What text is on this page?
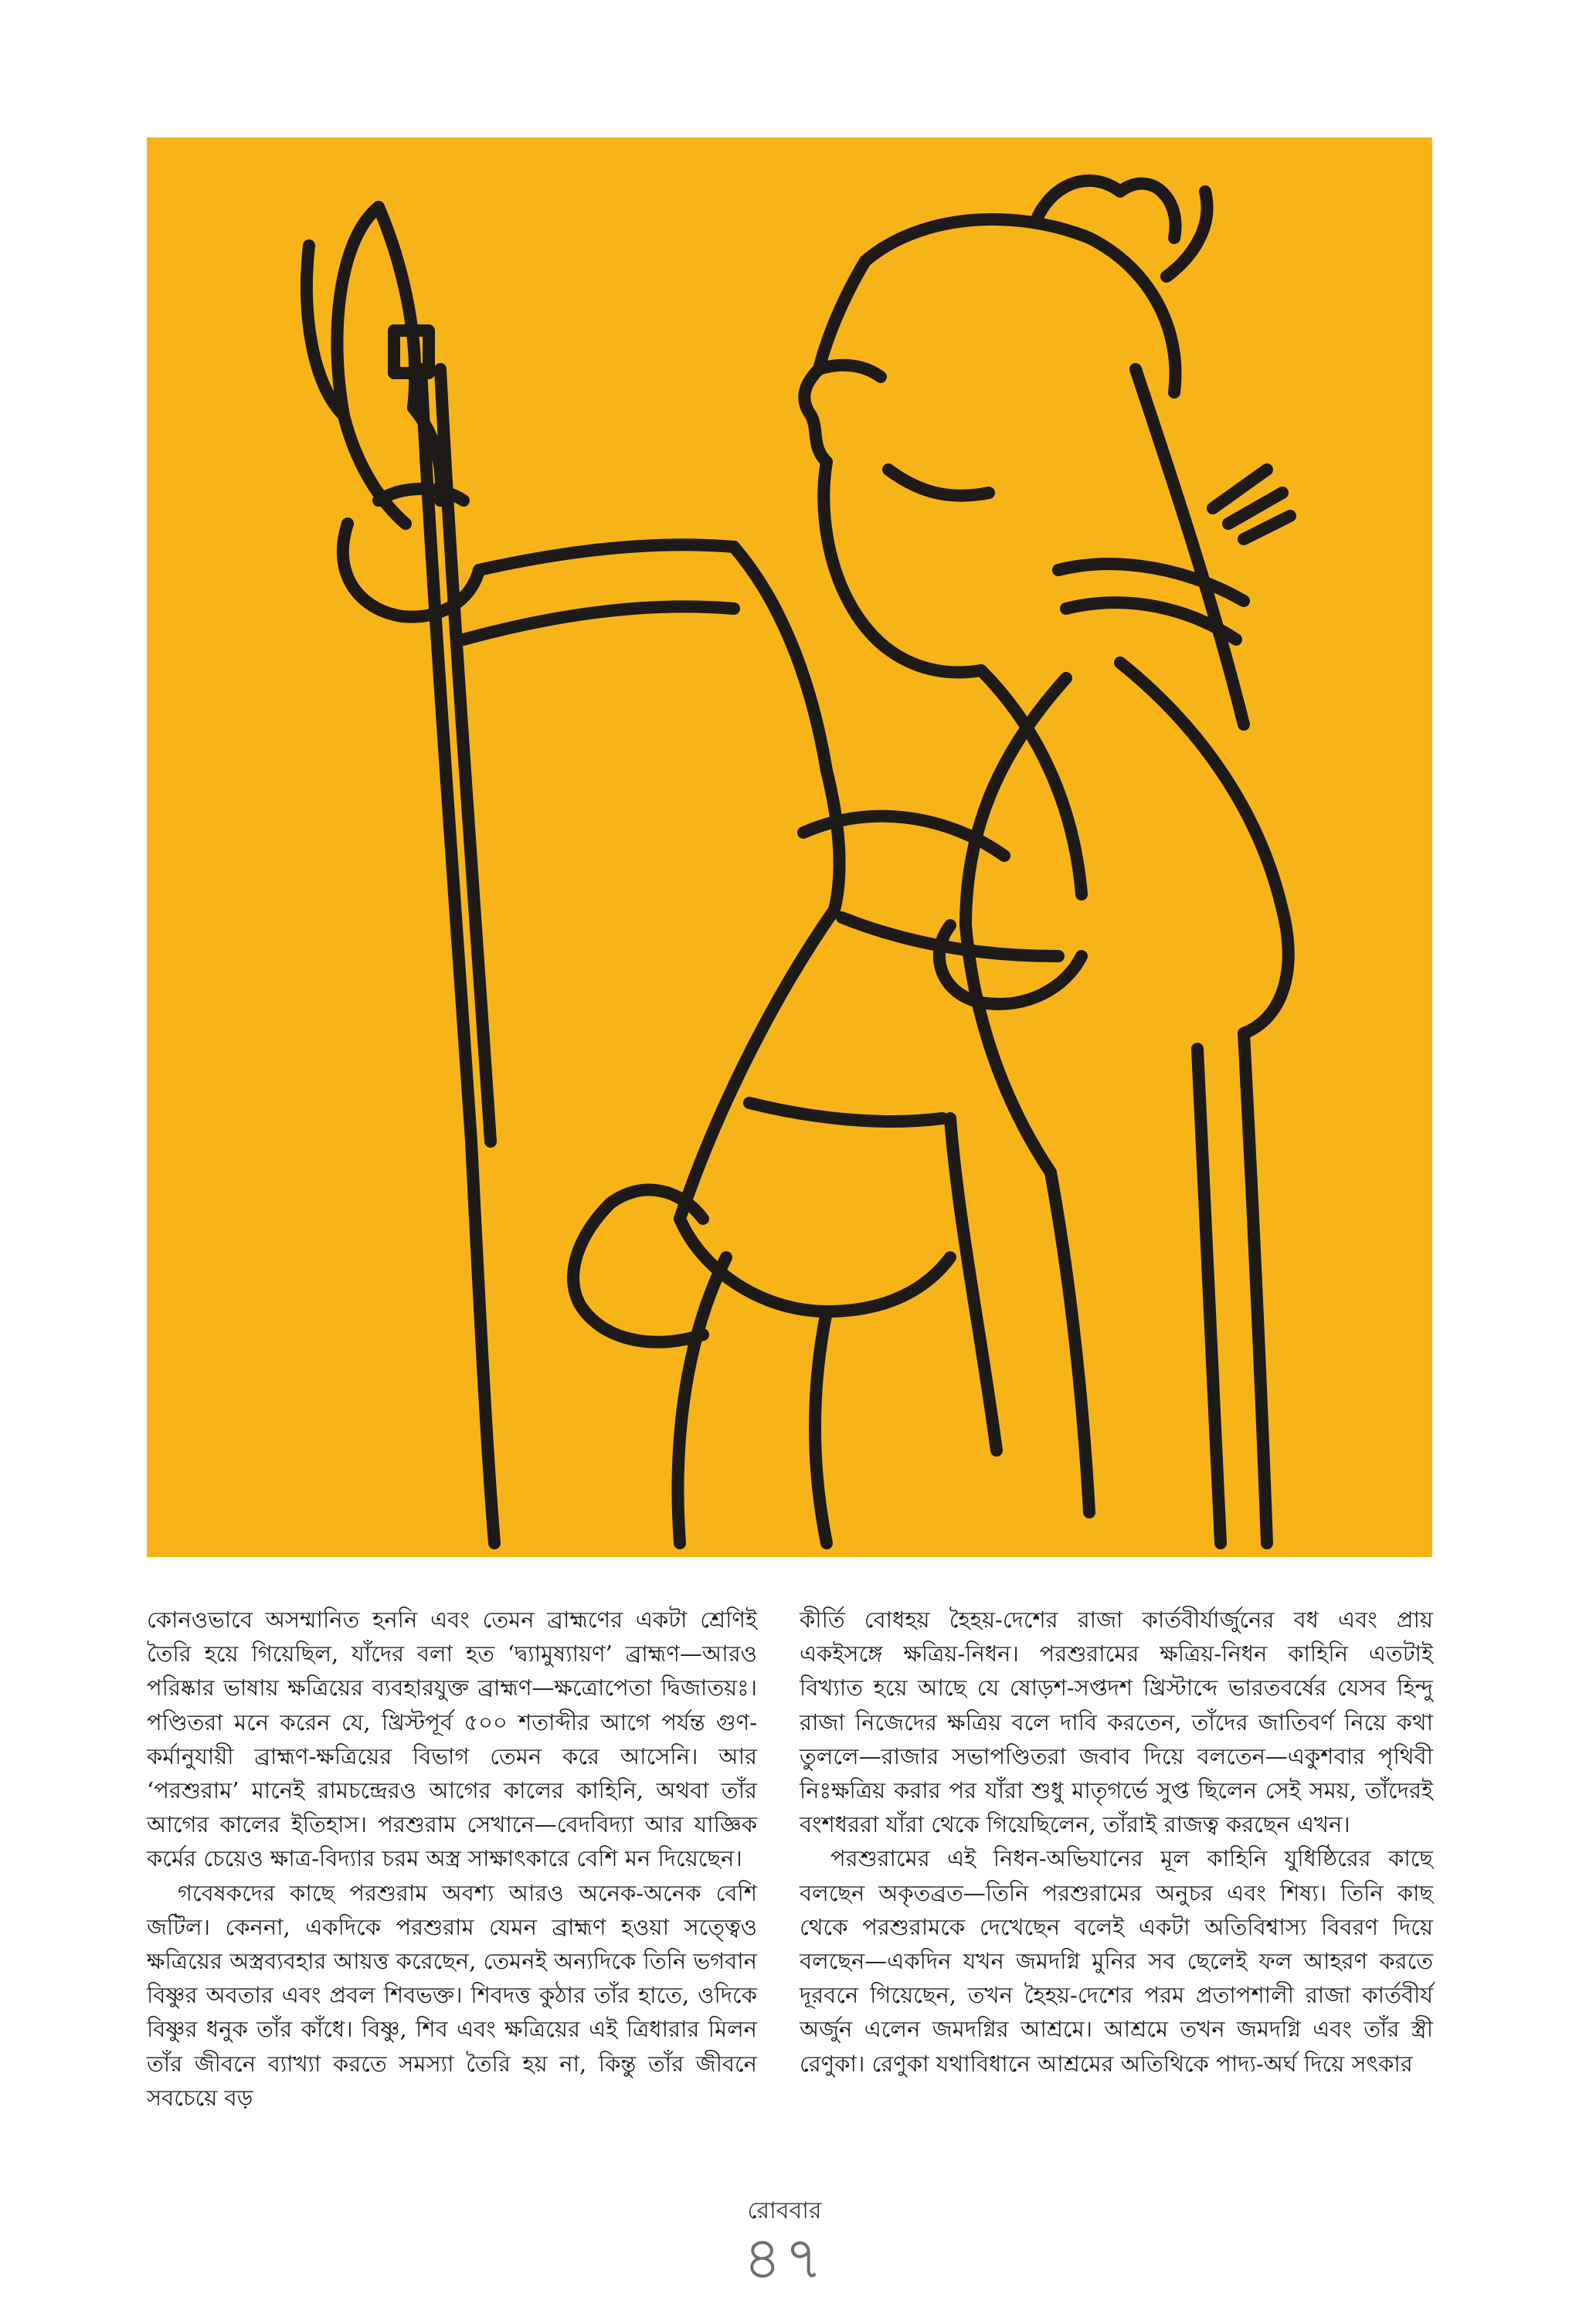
কোনওভাবে অসম্মানিত হননি এবং তেমন ব্রাহ্মণের একটা শ্রেণিই তৈরি হয়ে গিয়েছিল, যাঁদের বলা হত ‘দ্ব্যামুষ্যায়ণ’ ব্রাহ্মণ—আরও পরিষ্কার ভাষায় ক্ষত্রিয়ের ব্যবহারযুক্ত ব্রাহ্মণ—ক্ষত্রোপেতা দ্বিজাতয়ঃ। পণ্ডিতরা মনে করেন যে, খ্রিস্টপূর্ব ৫০০ শতাব্দীর আগে পর্যন্ত গুণ-কর্মানুযায়ী ব্রাহ্মণ-ক্ষত্রিয়ের বিভাগ তেমন করে আসেনি। আর ‘পরশুরাম’ মানেই রামচন্দ্রেরও আগের কালের কাহিনি, অথবা তাঁর আগের কালের ইতিহাস। পরশুরাম সেখানে—বেদবিদ্যা আর যাজ্ঞিক কর্মের চেয়েও ক্ষাত্র-বিদ্যার চরম অস্ত্র সাক্ষাৎকারে বেশি মন দিয়েছেন।

গবেষকদের কাছে পরশুরাম অবশ্য আরও অনেক-অনেক বেশি জটিল। কেননা, একদিকে পরশুরাম যেমন ব্রাহ্মণ হওয়া সত্ত্বেও ক্ষত্রিয়ের অস্ত্রব্যবহার আয়ত্ত করেছেন, তেমনই অন্যদিকে তিনি ভগবান বিষ্ণুর অবতার এবং প্রবল শিবভক্ত। শিবদত্ত কুঠার তাঁর হাতে, ওদিকে বিষ্ণুর ধনুক তাঁর কাঁধে। বিষ্ণু, শিব এবং ক্ষত্রিয়ের এই ত্রিধারার মিলন তাঁর জীবনে ব্যাখ্যা করতে সমস্যা তৈরি হয় না, কিন্তু তাঁর জীবনে সবচেয়ে বড়

কীর্তি বোধহয় হৈহয়-দেশের রাজা কার্তবীর্যার্জুনের বধ এবং প্রায় একইসঙ্গে ক্ষত্রিয়-নিধন। পরশুরামের ক্ষত্রিয়-নিধন কাহিনি এতটাই বিখ্যাত হয়ে আছে যে ষোড়শ-সপ্তদশ খ্রিস্টাব্দে ভারতবর্ষের যেসব হিন্দু রাজা নিজেদের ক্ষত্রিয় বলে দাবি করতেন, তাঁদের জাতিবর্ণ নিয়ে কথা তুললে—রাজার সভাপণ্ডিতরা জবাব দিয়ে বলতেন—একুশবার পৃথিবী নিঃক্ষত্রিয় করার পর যাঁরা শুধু মাতৃগর্ভে সুপ্ত ছিলেন সেই সময়, তাঁদেরই বংশধররা যাঁরা থেকে গিয়েছিলেন, তাঁরাই রাজত্ব করছেন এখন।

পরশুরামের এই নিধন-অভিযানের মূল কাহিনি যুধিষ্ঠিরের কাছে বলছেন অকৃতব্রত—তিনি পরশুরামের অনুচর এবং শিষ্য। তিনি কাছ থেকে পরশুরামকে দেখেছেন বলেই একটা অতিবিশ্বাস্য বিবরণ দিয়ে বলছেন—একদিন যখন জমদগ্নি মুনির সব ছেলেই ফল আহরণ করতে দূরবনে গিয়েছেন, তখন হৈহয়-দেশের পরম প্রতাপশালী রাজা কার্তবীর্য অর্জুন এলেন জমদগ্নির আশ্রমে। আশ্রমে তখন জমদগ্নি এবং তাঁর স্ত্রী রেণুকা। রেণুকা যথাবিধানে আশ্রমের অতিথিকে পাদ্য-অর্ঘ দিয়ে সৎকার

রোববার
৪৭
